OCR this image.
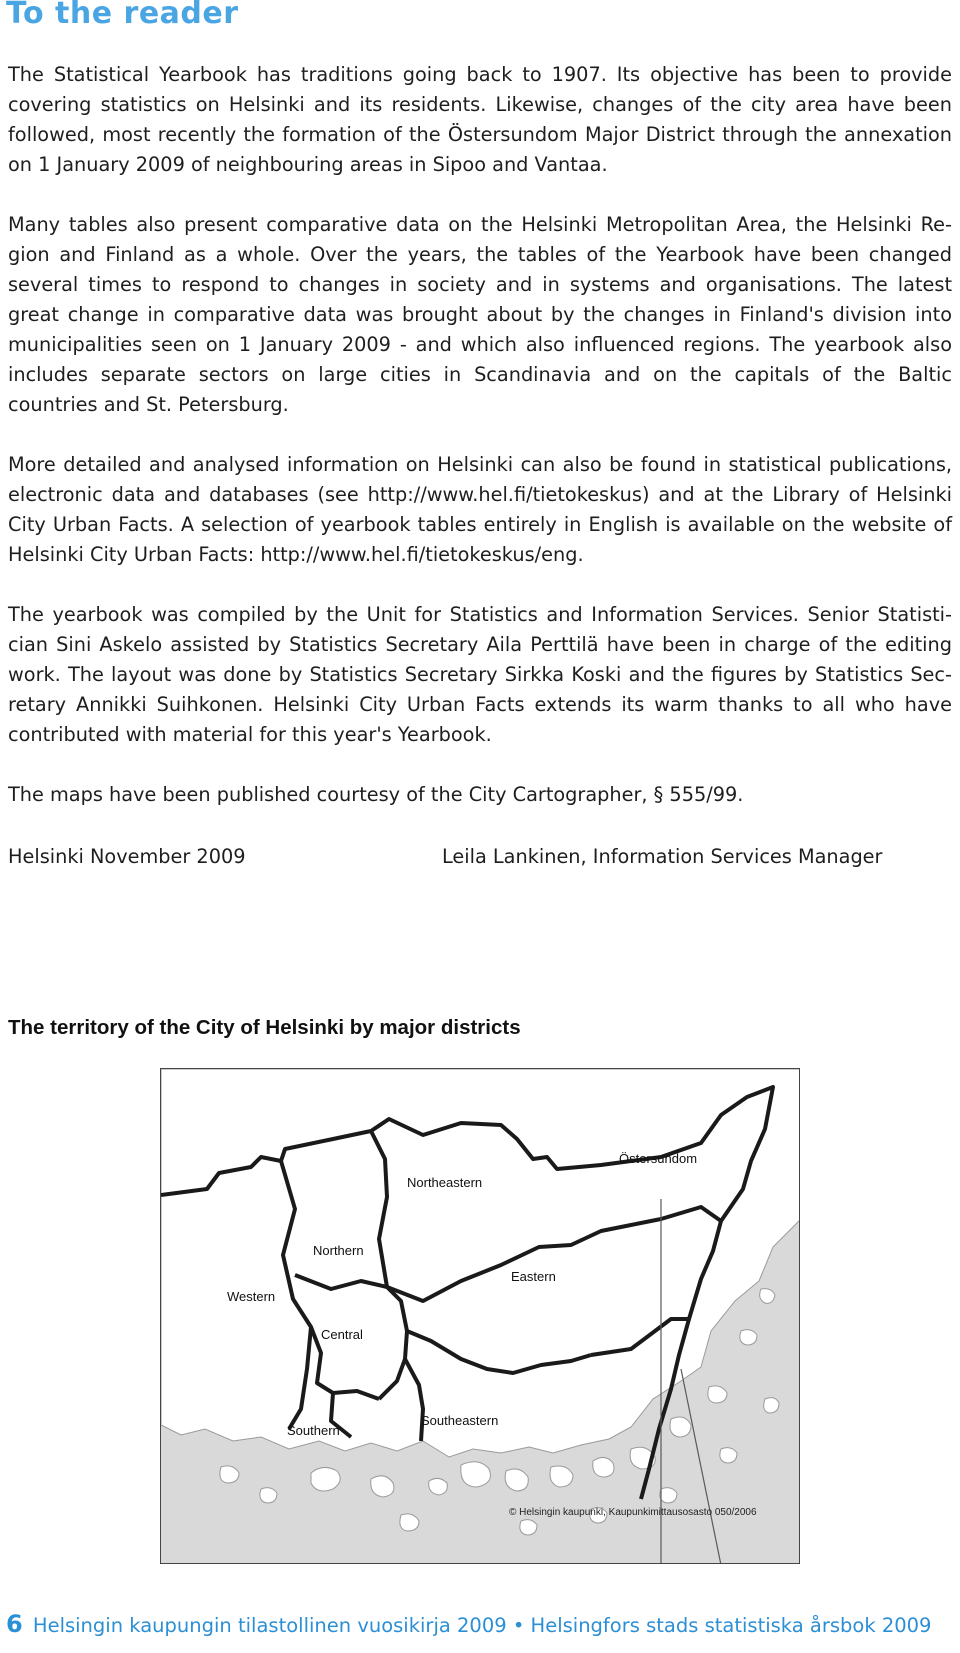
To the reader

The Statistical Yearbook has traditions going back to 1907. Its objective has been to provide covering statistics on Helsinki and its residents. Likewise, changes of the city area have been followed, most recently the formation of the Östersundom Major District through the annexation on 1 January 2009 of neighbouring areas in Sipoo and Vantaa.

Many tables also present comparative data on the Helsinki Metropolitan Area, the Helsinki Region and Finland as a whole. Over the years, the tables of the Yearbook have been changed several times to respond to changes in society and in systems and organisations. The latest great change in comparative data was brought about by the changes in Finland's division into municipalities seen on 1 January 2009 - and which also influenced regions. The yearbook also includes separate sectors on large cities in Scandinavia and on the capitals of the Baltic countries and St. Petersburg.

More detailed and analysed information on Helsinki can also be found in statistical publications, electronic data and databases (see http://www.hel.fi/tietokeskus) and at the Library of Helsinki City Urban Facts. A selection of yearbook tables entirely in English is available on the website of Helsinki City Urban Facts: http://www.hel.fi/tietokeskus/eng.

The yearbook was compiled by the Unit for Statistics and Information Services. Senior Statistician Sini Askelo assisted by Statistics Secretary Aila Perttilä have been in charge of the editing work. The layout was done by Statistics Secretary Sirkka Koski and the figures by Statistics Secretary Annikki Suihkonen. Helsinki City Urban Facts extends its warm thanks to all who have contributed with material for this year's Yearbook.

The maps have been published courtesy of the City Cartographer, § 555/99.

Helsinki November 2009	Leila Lankinen, Information Services Manager
The territory of the City of Helsinki by major districts
Östersundom
Northeastern
Northern
Eastern
Western
Central
Southeastern
Southern
© Helsingin kaupunki, Kaupunkimittausosasto 050/2006
6 Helsingin kaupungin tilastollinen vuosikirja 2009 • Helsingfors stads statistiska årsbok 2009
